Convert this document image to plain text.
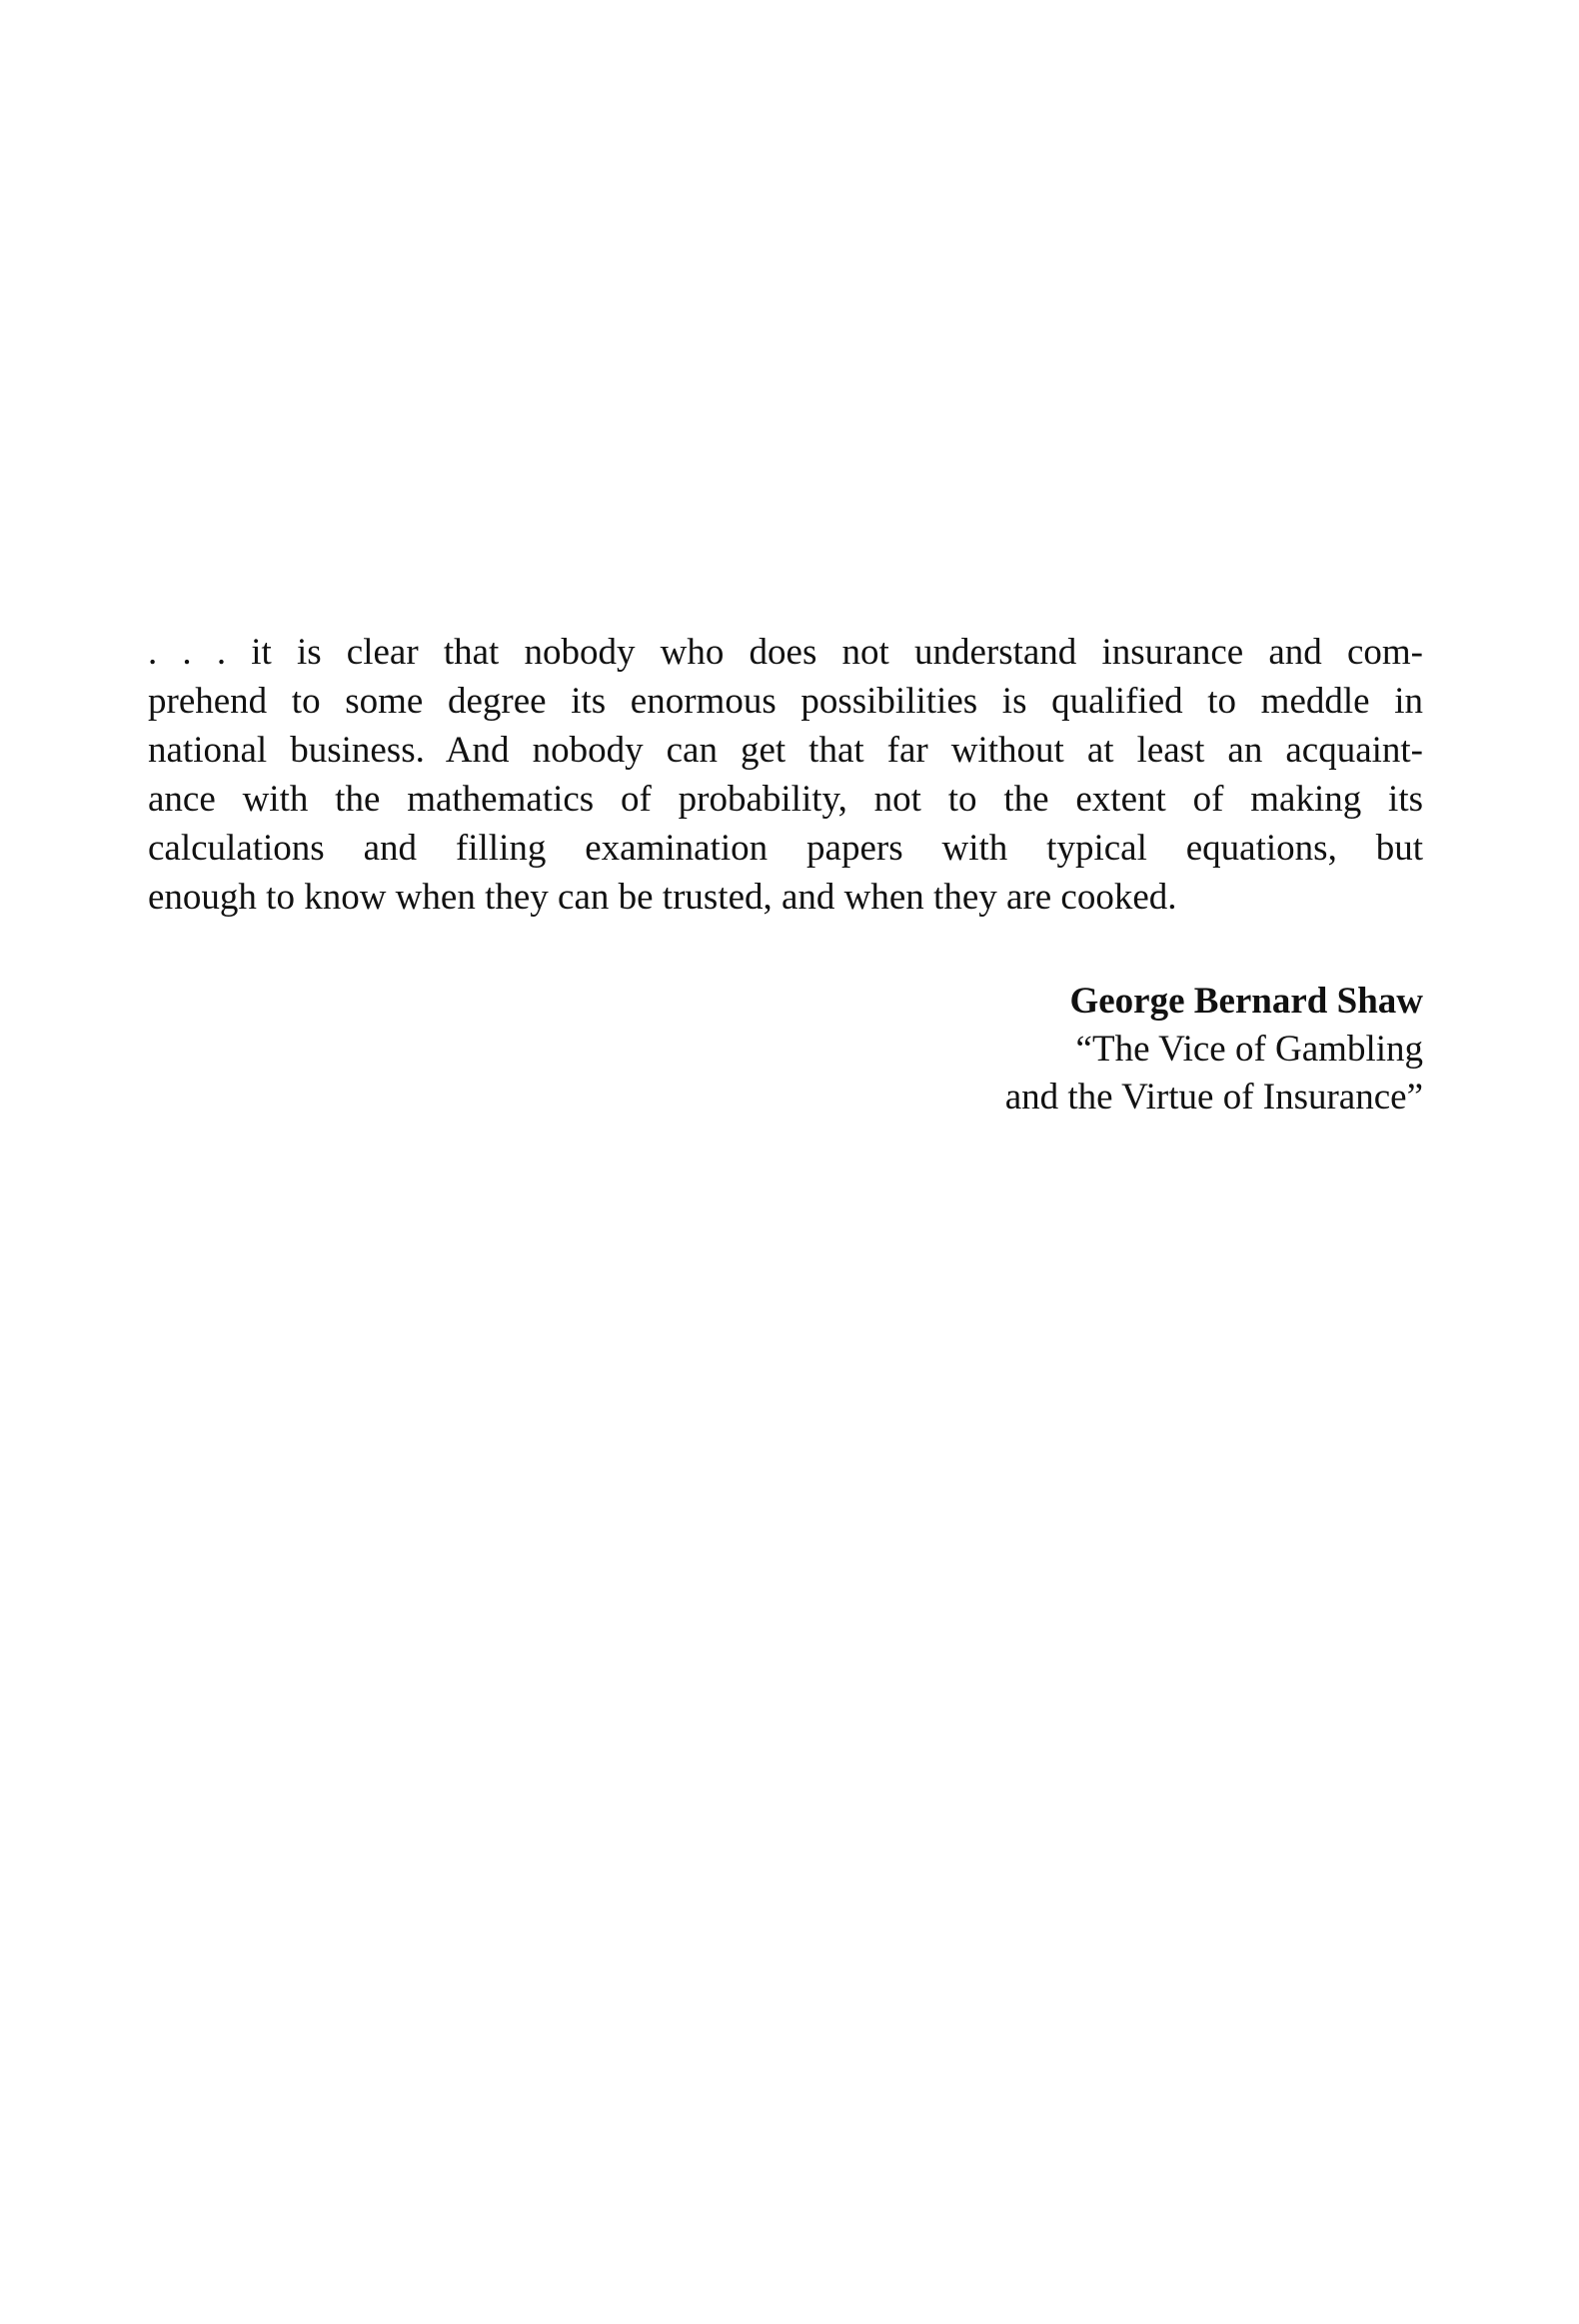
. . . it is clear that nobody who does not understand insurance and com-
prehend to some degree its enormous possibilities is qualified to meddle in
national business. And nobody can get that far without at least an acquaint-
ance with the mathematics of probability, not to the extent of making its
calculations and filling examination papers with typical equations, but
enough to know when they can be trusted, and when they are cooked.
George Bernard Shaw
“The Vice of Gambling
and the Virtue of Insurance”
